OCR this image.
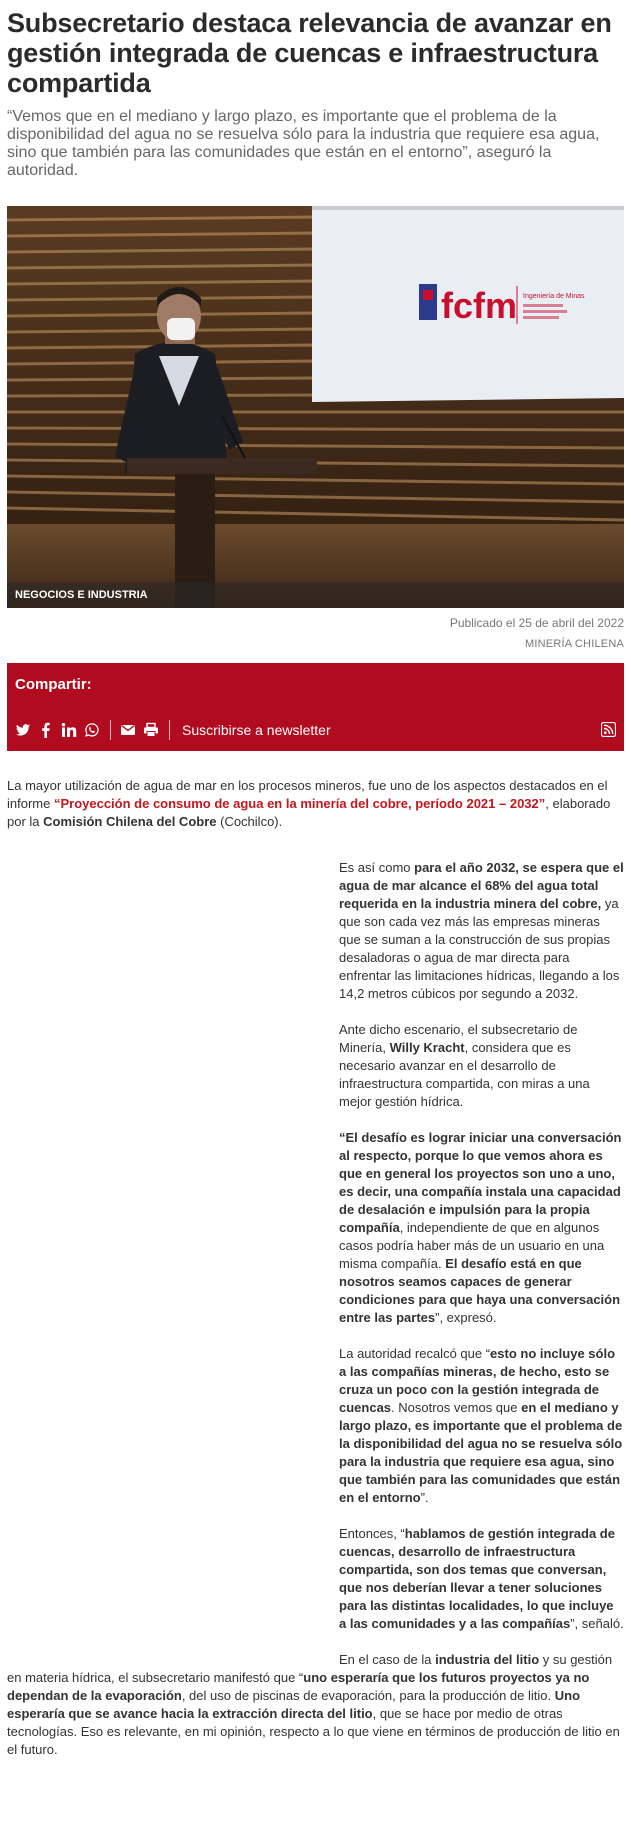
Subsecretario destaca relevancia de avanzar en gestión integrada de cuencas e infraestructura compartida

“Vemos que en el mediano y largo plazo, es importante que el problema de la disponibilidad del agua no se resuelva sólo para la industria que requiere esa agua, sino que también para las comunidades que están en el entorno”, aseguró la autoridad.

fcfm Ingeniería de Minas
NEGOCIOS E INDUSTRIA
Publicado el 25 de abril del 2022
MINERÍA CHILENA
Compartir:
Suscribirse a newsletter

La mayor utilización de agua de mar en los procesos mineros, fue uno de los aspectos destacados en el informe “Proyección de consumo de agua en la minería del cobre, período 2021 – 2032”, elaborado por la Comisión Chilena del Cobre (Cochilco).

Es así como para el año 2032, se espera que el agua de mar alcance el 68% del agua total requerida en la industria minera del cobre, ya que son cada vez más las empresas mineras que se suman a la construcción de sus propias desaladoras o agua de mar directa para enfrentar las limitaciones hídricas, llegando a los 14,2 metros cúbicos por segundo a 2032.

Ante dicho escenario, el subsecretario de Minería, Willy Kracht, considera que es necesario avanzar en el desarrollo de infraestructura compartida, con miras a una mejor gestión hídrica.

“El desafío es lograr iniciar una conversación al respecto, porque lo que vemos ahora es que en general los proyectos son uno a uno, es decir, una compañía instala una capacidad de desalación e impulsión para la propia compañía, independiente de que en algunos casos podría haber más de un usuario en una misma compañía. El desafío está en que nosotros seamos capaces de generar condiciones para que haya una conversación entre las partes”, expresó.

La autoridad recalcó que “esto no incluye sólo a las compañías mineras, de hecho, esto se cruza un poco con la gestión integrada de cuencas. Nosotros vemos que en el mediano y largo plazo, es importante que el problema de la disponibilidad del agua no se resuelva sólo para la industria que requiere esa agua, sino que también para las comunidades que están en el entorno”.

Entonces, “hablamos de gestión integrada de cuencas, desarrollo de infraestructura compartida, son dos temas que conversan, que nos deberían llevar a tener soluciones para las distintas localidades, lo que incluye a las comunidades y a las compañías”, señaló.

En el caso de la industria del litio y su gestión en materia hídrica, el subsecretario manifestó que “uno esperaría que los futuros proyectos ya no dependan de la evaporación, del uso de piscinas de evaporación, para la producción de litio. Uno esperaría que se avance hacia la extracción directa del litio, que se hace por medio de otras tecnologías. Eso es relevante, en mi opinión, respecto a lo que viene en términos de producción de litio en el futuro.
